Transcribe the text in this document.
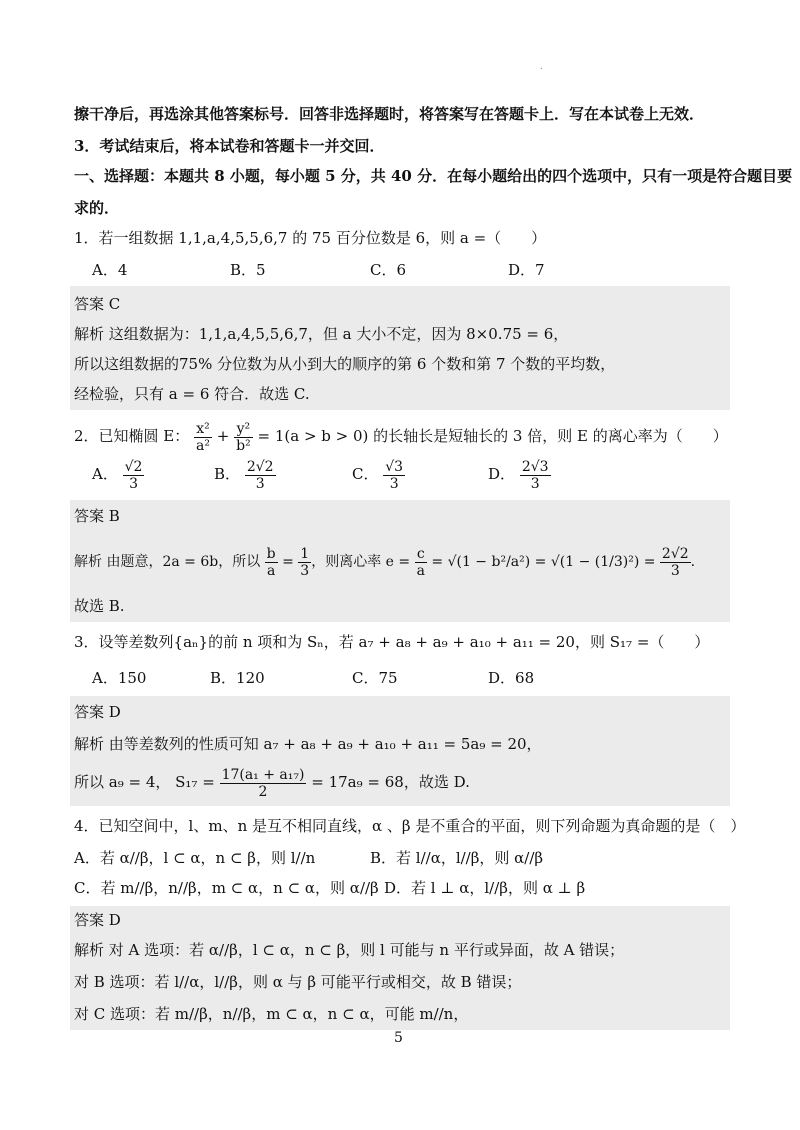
.
擦干净后，再选涂其他答案标号．回答非选择题时，将答案写在答题卡上．写在本试卷上无效．
3．考试结束后，将本试卷和答题卡一并交回．
一、选择题：本题共 8 小题，每小题 5 分，共 40 分．在每小题给出的四个选项中，只有一项是符合题目要
求的．
1．若一组数据 1,1,a,4,5,5,6,7 的 75 百分位数是 6，则 a =（　　）
A．4	B．5	C．6	D．7
答案 C
解析 这组数据为：1,1,a,4,5,5,6,7，但 a 大小不定，因为 8×0.75 = 6，
所以这组数据的75% 分位数为从小到大的顺序的第 6 个数和第 7 个数的平均数，
经检验，只有 a = 6 符合．故选 C.
2．已知椭圆 E： $\frac{\text{x²}}{\text{a²}} + \frac{\text{y²}}{\text{b²}} = 1(a > b > 0)$ 的长轴长是短轴长的 3 倍，则 E 的离心率为（　　）
A． $\frac{√2}{3}$	B． $\frac{2√2}{3}$	C． $\frac{√3}{3}$	D． $\frac{2√3}{3}$
答案 B
解析 由题意，2a = 6b，所以 $\frac{b}{a} = \frac{1}{3}$ ，则离心率 $e = \frac{c}{a} = √(1 - b^2/a^2) = √(1 - (1/3)^2) = \frac{2√2}{3}$ .
故选 B.
3．设等差数列{aₙ}的前 n 项和为 Sₙ，若 a₇ + a₈ + a₉ + a₁₀ + a₁₁ = 20，则 S₁₇ =（　　）
A．150	B．120	C．75	D．68
答案 D
解析 由等差数列的性质可知 a₇ + a₈ + a₉ + a₁₀ + a₁₁ = 5a₉ = 20，
所以 a₉ = 4， $S_{17} = \frac{\text{17(a₁ + a₁₇)}}{2} = 17a_9 = 68$，故选 D.
4．已知空间中，l、m、n 是互不相同直线，α 、β 是不重合的平面，则下列命题为真命题的是（　）
A．若 α//β，l ⊂ α，n ⊂ β，则 l//n	B．若 l//α，l//β，则 α//β
C．若 m//β，n//β，m ⊂ α，n ⊂ α，则 α//β D．若 l ⊥ α，l//β，则 α ⊥ β
答案 D
解析 对 A 选项：若 α//β，l ⊂ α，n ⊂ β，则 l 可能与 n 平行或异面，故 A 错误；
对 B 选项：若 l//α，l//β，则 α 与 β 可能平行或相交，故 B 错误；
对 C 选项：若 m//β，n//β，m ⊂ α，n ⊂ α，可能 m//n，
5
